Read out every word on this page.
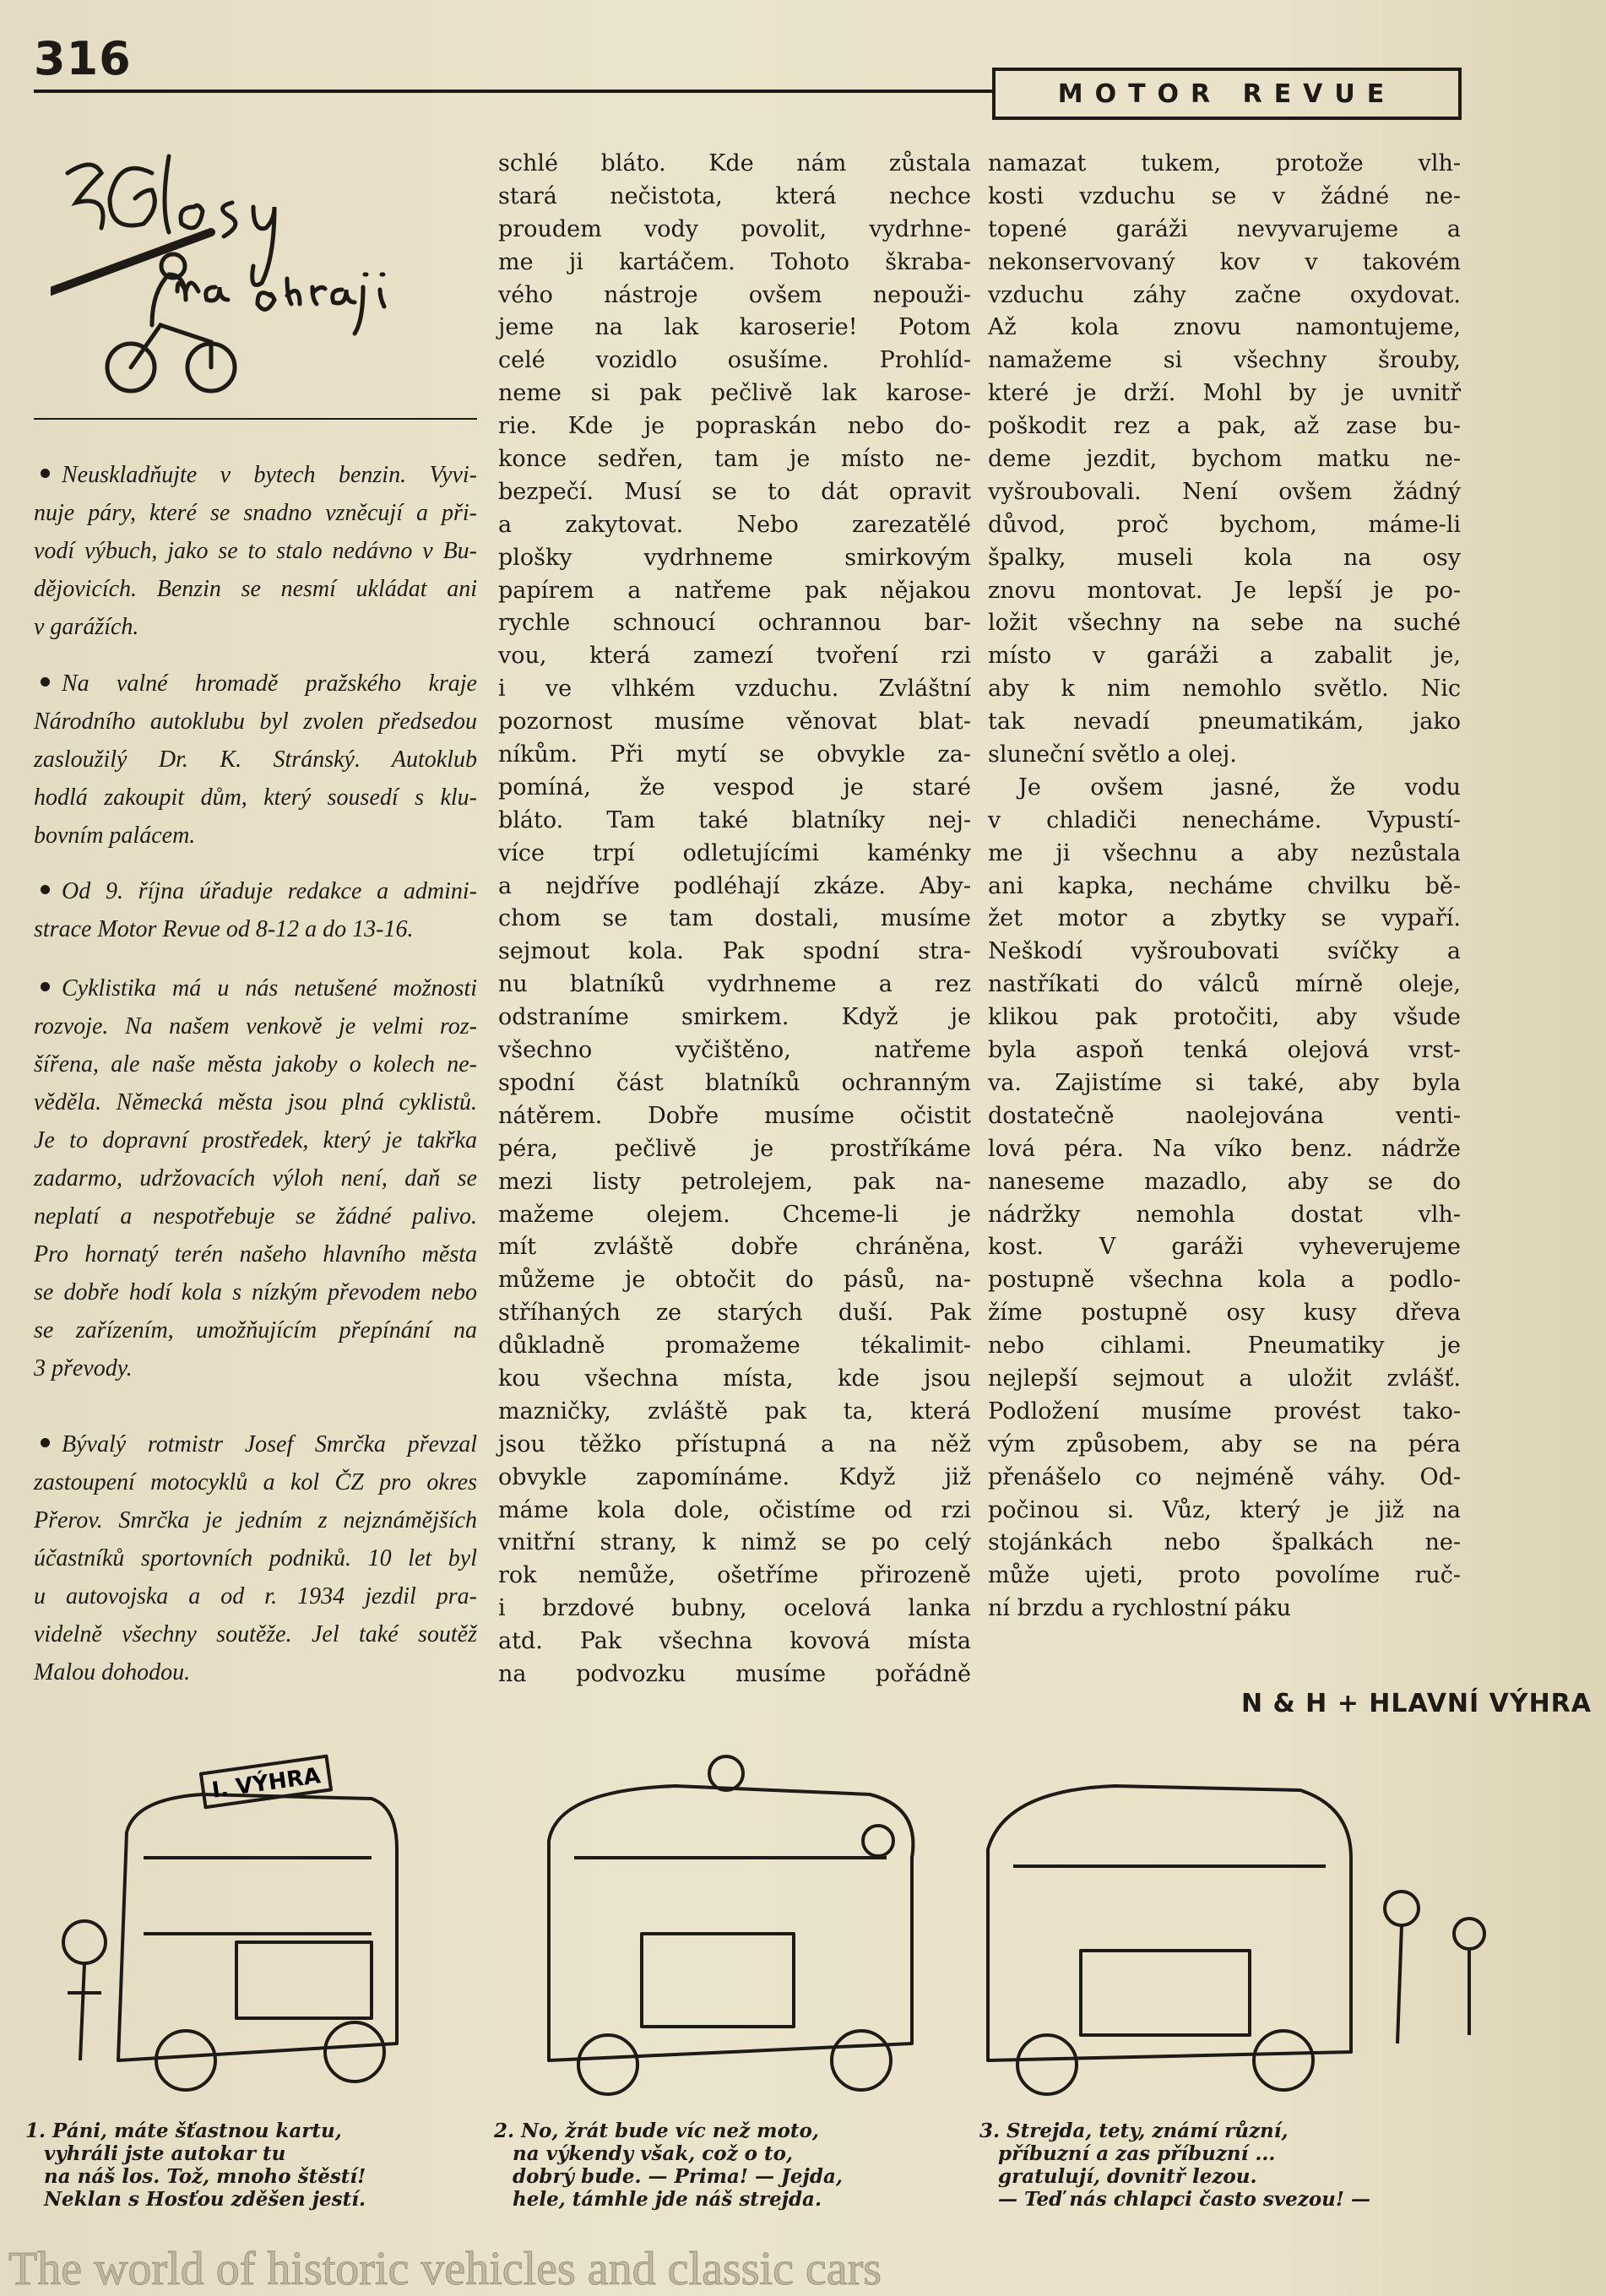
316
MOTOR REVUE
Neuskladňujte v bytech benzin. Vyvi-
nuje páry, které se snadno vzněcují a při-
vodí výbuch, jako se to stalo nedávno v Bu-
dějovicích. Benzin se nesmí ukládat ani
v garážích.
Na valné hromadě pražského kraje
Národního autoklubu byl zvolen předsedou
zasloužilý Dr. K. Stránský. Autoklub
hodlá zakoupit dům, který sousedí s klu-
bovním palácem.
Od 9. října úřaduje redakce a admini-
strace Motor Revue od 8-12 a do 13-16.
Cyklistika má u nás netušené možnosti
rozvoje. Na našem venkově je velmi roz-
šířena, ale naše města jakoby o kolech ne-
věděla. Německá města jsou plná cyklistů.
Je to dopravní prostředek, který je takřka
zadarmo, udržovacích výloh není, daň se
neplatí a nespotřebuje se žádné palivo.
Pro hornatý terén našeho hlavního města
se dobře hodí kola s nízkým převodem nebo
se zařízením, umožňujícím přepínání na
3 převody.
Bývalý rotmistr Josef Smrčka převzal
zastoupení motocyklů a kol ČZ pro okres
Přerov. Smrčka je jedním z nejznámějších
účastníků sportovních podniků. 10 let byl
u autovojska a od r. 1934 jezdil pra-
videlně všechny soutěže. Jel také soutěž
Malou dohodou.
schlé bláto. Kde nám zůstala
stará nečistota, která nechce
proudem vody povolit, vydrhne-
me ji kartáčem. Tohoto škraba-
vého nástroje ovšem nepouži-
jeme na lak karoserie! Potom
celé vozidlo osušíme. Prohlíd-
neme si pak pečlivě lak karose-
rie. Kde je popraskán nebo do-
konce sedřen, tam je místo ne-
bezpečí. Musí se to dát opravit
a zakytovat. Nebo zarezatělé
plošky vydrhneme smirkovým
papírem a natřeme pak nějakou
rychle schnoucí ochrannou bar-
vou, která zamezí tvoření rzi
i ve vlhkém vzduchu. Zvláštní
pozornost musíme věnovat blat-
níkům. Při mytí se obvykle za-
pomíná, že vespod je staré
bláto. Tam také blatníky nej-
více trpí odletujícími kaménky
a nejdříve podléhají zkáze. Aby-
chom se tam dostali, musíme
sejmout kola. Pak spodní stra-
nu blatníků vydrhneme a rez
odstraníme smirkem. Když je
všechno vyčištěno, natřeme
spodní část blatníků ochranným
nátěrem. Dobře musíme očistit
péra, pečlivě je prostříkáme
mezi listy petrolejem, pak na-
mažeme olejem. Chceme-li je
mít zvláště dobře chráněna,
můžeme je obtočit do pásů, na-
stříhaných ze starých duší. Pak
důkladně promažeme tékalimit-
kou všechna místa, kde jsou
mazničky, zvláště pak ta, která
jsou těžko přístupná a na něž
obvykle zapomínáme. Když již
máme kola dole, očistíme od rzi
vnitřní strany, k nimž se po celý
rok nemůže, ošetříme přirozeně
i brzdové bubny, ocelová lanka
atd. Pak všechna kovová místa
na podvozku musíme pořádně
namazat tukem, protože vlh-
kosti vzduchu se v žádné ne-
topené garáži nevyvarujeme a
nekonservovaný kov v takovém
vzduchu záhy začne oxydovat.
Až kola znovu namontujeme,
namažeme si všechny šrouby,
které je drží. Mohl by je uvnitř
poškodit rez a pak, až zase bu-
deme jezdit, bychom matku ne-
vyšroubovali. Není ovšem žádný
důvod, proč bychom, máme-li
špalky, museli kola na osy
znovu montovat. Je lepší je po-
ložit všechny na sebe na suché
místo v garáži a zabalit je,
aby k nim nemohlo světlo. Nic
tak nevadí pneumatikám, jako
sluneční světlo a olej.
Je ovšem jasné, že vodu
v chladiči nenecháme. Vypustí-
me ji všechnu a aby nezůstala
ani kapka, necháme chvilku bě-
žet motor a zbytky se vypaří.
Neškodí vyšroubovati svíčky a
nastříkati do válců mírně oleje,
klikou pak protočiti, aby všude
byla aspoň tenká olejová vrst-
va. Zajistíme si také, aby byla
dostatečně naolejována venti-
lová péra. Na víko benz. nádrže
naneseme mazadlo, aby se do
nádržky nemohla dostat vlh-
kost. V garáži vyheverujeme
postupně všechna kola a podlo-
žíme postupně osy kusy dřeva
nebo cihlami. Pneumatiky je
nejlepší sejmout a uložit zvlášť.
Podložení musíme provést tako-
vým způsobem, aby se na péra
přenášelo co nejméně váhy. Od-
počinou si. Vůz, který je již na
stojánkách nebo špalkách ne-
může ujeti, proto povolíme ruč-
ní brzdu a rychlostní páku
N & H + HLAVNÍ VÝHRA
I. VÝHRA
1. Páni, máte šťastnou kartu,
vyhráli jste autokar tu
na náš los. Tož, mnoho štěstí!
Neklan s Hosťou zděšen jestí.
2. No, žrát bude víc než moto,
na výkendy však, což o to,
dobrý bude. — Prima! — Jejda,
hele, támhle jde náš strejda.
3. Strejda, tety, známí různí,
příbuzní a zas příbuzní ...
gratulují, dovnitř lezou.
— Teď nás chlapci často svezou! —
The world of historic vehicles and classic cars
